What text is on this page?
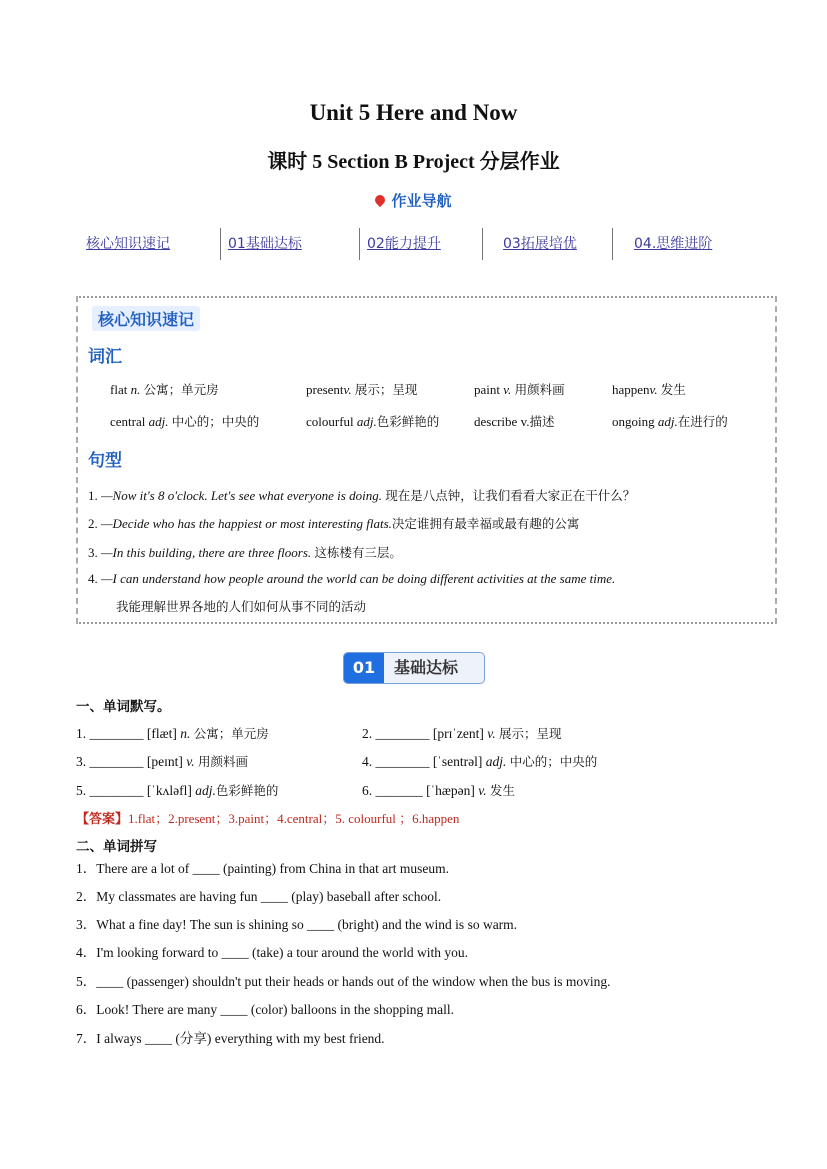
Unit 5 Here and Now
课时 5 Section B Project 分层作业
作业导航
核心知识速记	01基础达标	02能力提升	03拓展培优	04.思维进阶
核心知识速记
词汇
flat n. 公寓；单元房	presentv. 展示；呈现	paint v. 用颜料画	happenv. 发生
central adj. 中心的；中央的	colourful adj.色彩鲜艳的	describe v.描述	ongoing adj.在进行的
句型
1. —Now it's 8 o'clock. Let's see what everyone is doing. 现在是八点钟，让我们看看大家正在干什么？
2. —Decide who has the happiest or most interesting flats.决定谁拥有最幸福或最有趣的公寓
3. —In this building, there are three floors. 这栋楼有三层。
4. —I can understand how people around the world can be doing different activities at the same time.
我能理解世界各地的人们如何从事不同的活动
01	基础达标
一、单词默写。
1. ________ [flæt] n. 公寓；单元房	2. ________ [prɪˈzent] v. 展示；呈现
3. ________ [peɪnt] v. 用颜料画	4. ________ [ˈsentrəl] adj. 中心的；中央的
5. ________ [ˈkʌləfl] adj.色彩鲜艳的	6. _______ [ˈhæpən] v. 发生
【答案】1.flat；2.present；3.paint；4.central；5. colourful ；6.happen
二、单词拼写
1．There are a lot of ____ (painting) from China in that art museum.
2．My classmates are having fun ____ (play) baseball after school.
3．What a fine day! The sun is shining so ____ (bright) and the wind is so warm.
4．I'm looking forward to ____ (take) a tour around the world with you.
5．____ (passenger) shouldn't put their heads or hands out of the window when the bus is moving.
6．Look! There are many ____ (color) balloons in the shopping mall.
7．I always ____ (分享) everything with my best friend.
